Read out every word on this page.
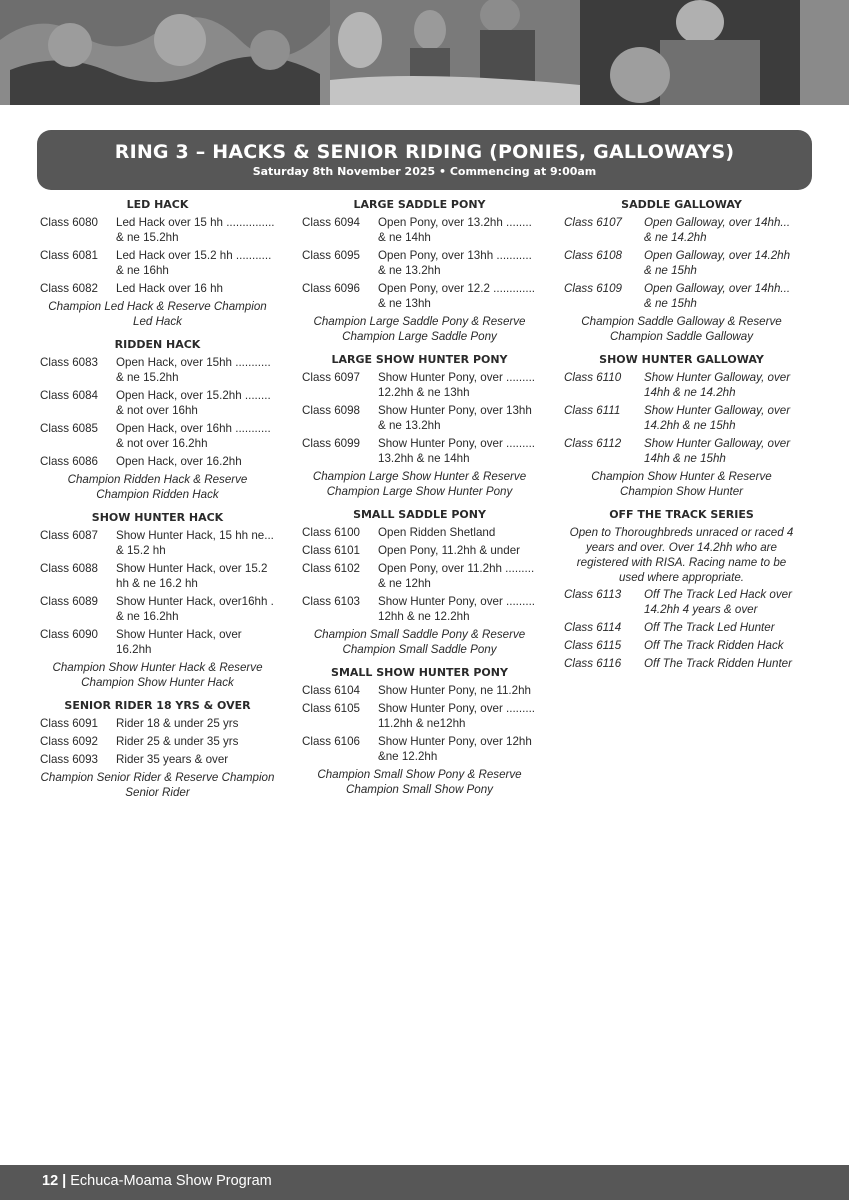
RING 3 – HACKS & SENIOR RIDING (PONIES, GALLOWAYS)
Saturday 8th November 2025 • Commencing at 9:00am
LED HACK
Class 6080	Led Hack over 15 hh ............... & ne 15.2hh
Class 6081	Led Hack over 15.2 hh ........... & ne 16hh
Class 6082	Led Hack over 16 hh
Champion Led Hack & Reserve Champion Led Hack
RIDDEN HACK
Class 6083	Open Hack, over 15hh ........... & ne 15.2hh
Class 6084	Open Hack, over 15.2hh ........ & not over 16hh
Class 6085	Open Hack, over 16hh ........... & not over 16.2hh
Class 6086	Open Hack, over 16.2hh
Champion Ridden Hack & Reserve Champion Ridden Hack
SHOW HUNTER HACK
Class 6087	Show Hunter Hack, 15 hh ne... & 15.2 hh
Class 6088	Show Hunter Hack, over 15.2 hh & ne 16.2 hh
Class 6089	Show Hunter Hack, over16hh . & ne 16.2hh
Class 6090	Show Hunter Hack, over 16.2hh
Champion Show Hunter Hack & Reserve Champion Show Hunter Hack
SENIOR RIDER 18 YRS & OVER
Class 6091	Rider 18 & under 25 yrs
Class 6092	Rider 25 & under 35 yrs
Class 6093	Rider 35 years & over
Champion Senior Rider & Reserve Champion Senior Rider
LARGE SADDLE PONY
Class 6094	Open Pony, over 13.2hh ........ & ne 14hh
Class 6095	Open Pony, over 13hh ........... & ne 13.2hh
Class 6096	Open Pony, over 12.2 ............. & ne 13hh
Champion Large Saddle Pony & Reserve Champion Large Saddle Pony
LARGE SHOW HUNTER PONY
Class 6097	Show Hunter Pony, over ......... 12.2hh & ne 13hh
Class 6098	Show Hunter Pony, over 13hh & ne 13.2hh
Class 6099	Show Hunter Pony, over ......... 13.2hh & ne 14hh
Champion Large Show Hunter & Reserve Champion Large Show Hunter Pony
SMALL SADDLE PONY
Class 6100	Open Ridden Shetland
Class 6101	Open Pony, 11.2hh & under
Class 6102	Open Pony, over 11.2hh ......... & ne 12hh
Class 6103	Show Hunter Pony, over ......... 12hh & ne 12.2hh
Champion Small Saddle Pony & Reserve Champion Small Saddle Pony
SMALL SHOW HUNTER PONY
Class 6104	Show Hunter Pony, ne 11.2hh
Class 6105	Show Hunter Pony, over ......... 11.2hh & ne12hh
Class 6106	Show Hunter Pony, over 12hh &ne 12.2hh
Champion Small Show Pony & Reserve Champion Small Show Pony
SADDLE GALLOWAY
Class 6107	Open Galloway, over 14hh... & ne 14.2hh
Class 6108	Open Galloway, over 14.2hh & ne 15hh
Class 6109	Open Galloway, over 14hh... & ne 15hh
Champion Saddle Galloway & Reserve Champion Saddle Galloway
SHOW HUNTER GALLOWAY
Class 6110	Show Hunter Galloway, over 14hh & ne 14.2hh
Class 6111	Show Hunter Galloway, over 14.2hh & ne 15hh
Class 6112	Show Hunter Galloway, over 14hh & ne 15hh
Champion Show Hunter & Reserve Champion Show Hunter
OFF THE TRACK SERIES
Open to Thoroughbreds unraced or raced 4 years and over. Over 14.2hh who are registered with RISA. Racing name to be used where appropriate.
Class 6113	Off The Track Led Hack over 14.2hh 4 years & over
Class 6114	Off The Track Led Hunter
Class 6115	Off The Track Ridden Hack
Class 6116	Off The Track Ridden Hunter
12 | Echuca-Moama Show Program
